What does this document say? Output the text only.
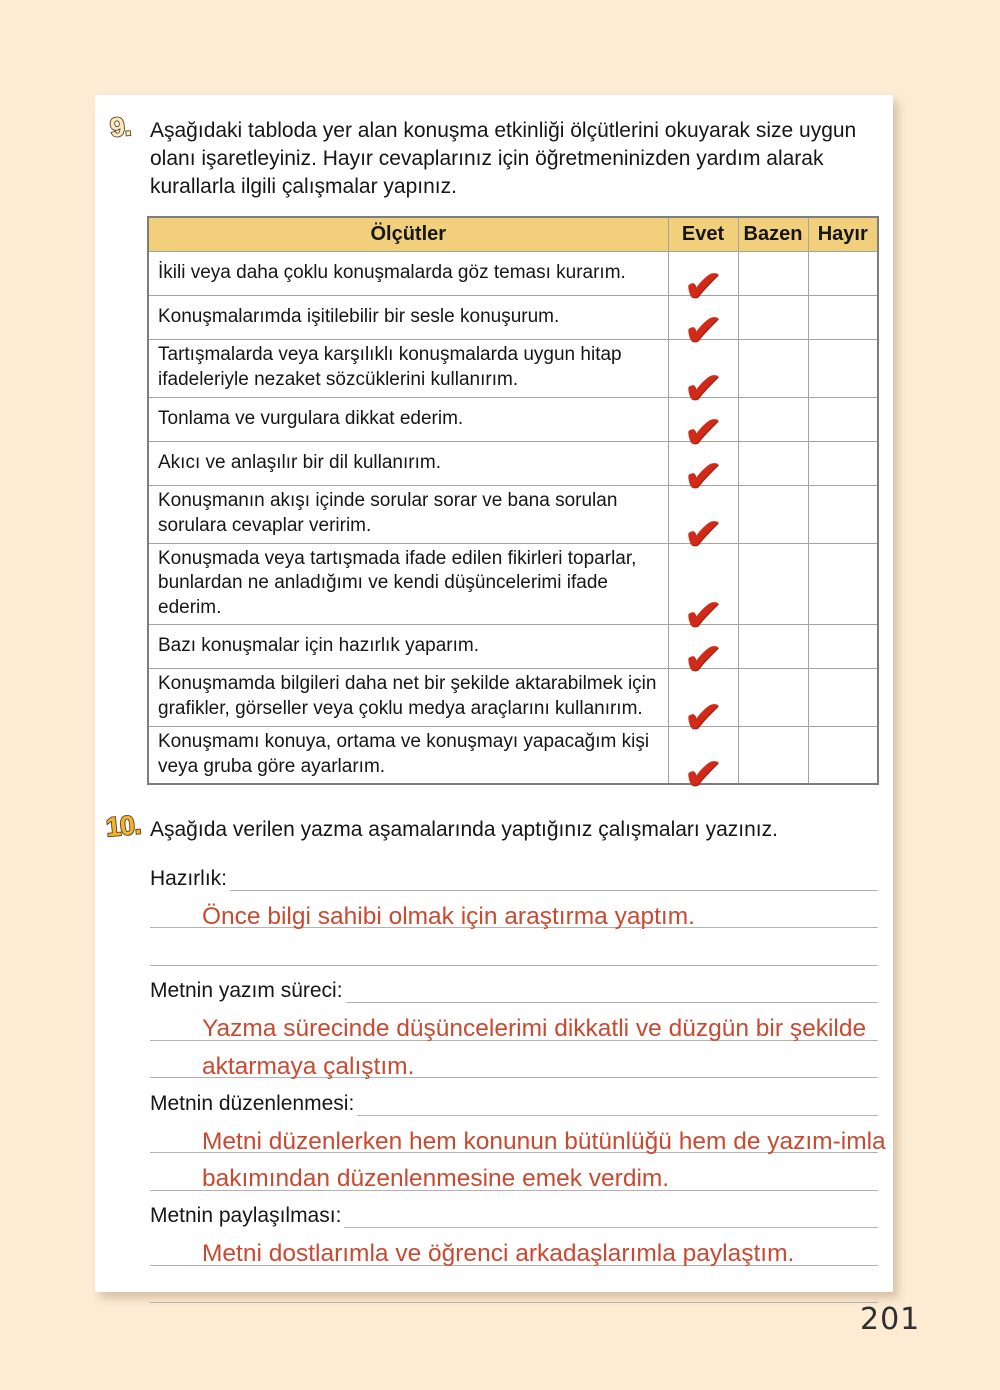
9. Aşağıdaki tabloda yer alan konuşma etkinliği ölçütlerini okuyarak size uygun olanı işaretleyiniz. Hayır cevaplarınız için öğretmeninizden yardım alarak kurallarla ilgili çalışmalar yapınız.
Ölçütler	Evet	Bazen	Hayır
İkili veya daha çoklu konuşmalarda göz teması kurarım.	✔		
Konuşmalarımda işitilebilir bir sesle konuşurum.	✔		
Tartışmalarda veya karşılıklı konuşmalarda uygun hitap ifadeleriyle nezaket sözcüklerini kullanırım.	✔		
Tonlama ve vurgulara dikkat ederim.	✔		
Akıcı ve anlaşılır bir dil kullanırım.	✔		
Konuşmanın akışı içinde sorular sorar ve bana sorulan sorulara cevaplar veririm.	✔		
Konuşmada veya tartışmada ifade edilen fikirleri toparlar, bunlardan ne anladığımı ve kendi düşüncelerimi ifade ederim.	✔		
Bazı konuşmalar için hazırlık yaparım.	✔		
Konuşmamda bilgileri daha net bir şekilde aktarabilmek için grafikler, görseller veya çoklu medya araçlarını kullanırım.	✔		
Konuşmamı konuya, ortama ve konuşmayı yapacağım kişi veya gruba göre ayarlarım.	✔		
10. Aşağıda verilen yazma aşamalarında yaptığınız çalışmaları yazınız.
Hazırlık:
Önce bilgi sahibi olmak için araştırma yaptım.
Metnin yazım süreci:
Yazma sürecinde düşüncelerimi dikkatli ve düzgün bir şekilde
aktarmaya çalıştım.
Metnin düzenlenmesi:
Metni düzenlerken hem konunun bütünlüğü hem de yazım-imla
bakımından düzenlenmesine emek verdim.
Metnin paylaşılması:
Metni dostlarımla ve öğrenci arkadaşlarımla paylaştım.
201
